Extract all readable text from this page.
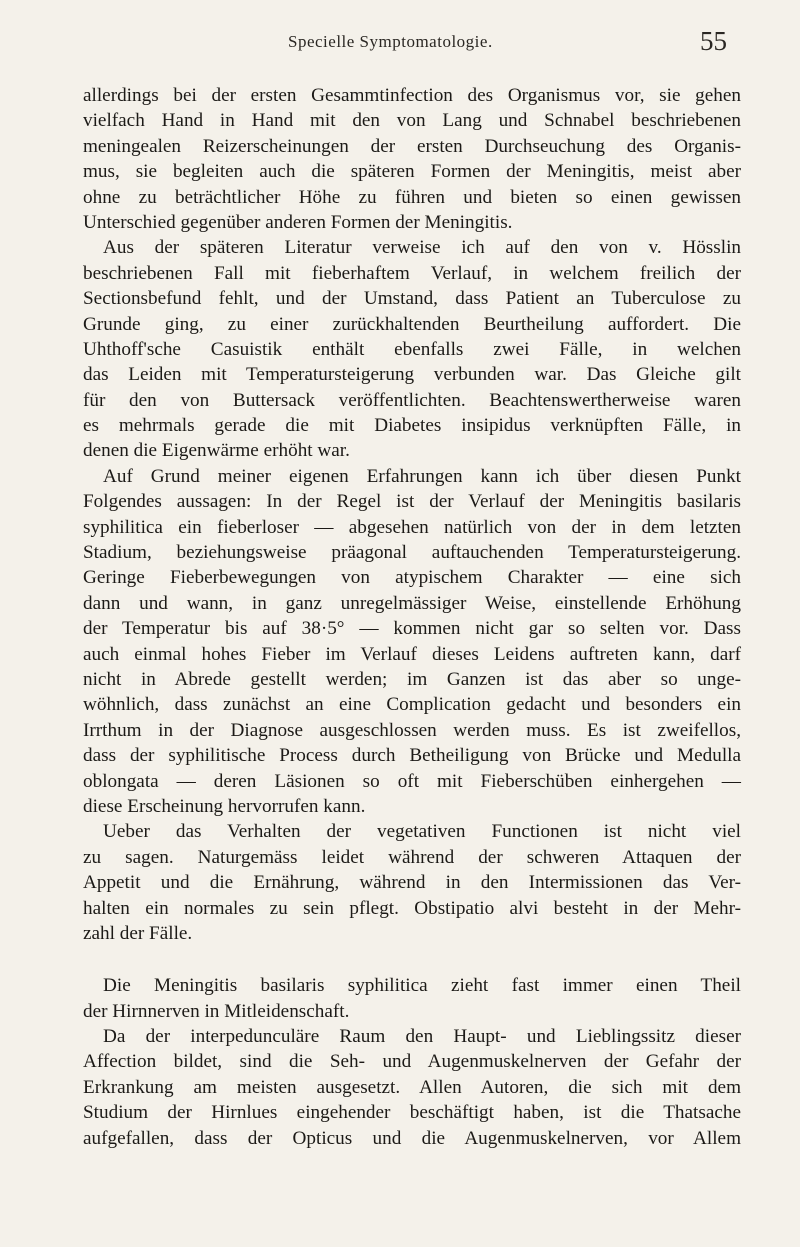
Specielle Symptomatologie.	55
allerdings bei der ersten Gesammtinfection des Organismus vor, sie gehen
vielfach Hand in Hand mit den von Lang und Schnabel beschriebenen
meningealen Reizerscheinungen der ersten Durchseuchung des Organis-
mus, sie begleiten auch die späteren Formen der Meningitis, meist aber
ohne zu beträchtlicher Höhe zu führen und bieten so einen gewissen
Unterschied gegenüber anderen Formen der Meningitis.
Aus der späteren Literatur verweise ich auf den von v. Hösslin
beschriebenen Fall mit fieberhaftem Verlauf, in welchem freilich der
Sectionsbefund fehlt, und der Umstand, dass Patient an Tuberculose zu
Grunde ging, zu einer zurückhaltenden Beurtheilung auffordert. Die
Uhthoff'sche Casuistik enthält ebenfalls zwei Fälle, in welchen
das Leiden mit Temperatursteigerung verbunden war. Das Gleiche gilt
für den von Buttersack veröffentlichten. Beachtenswertherweise waren
es mehrmals gerade die mit Diabetes insipidus verknüpften Fälle, in
denen die Eigenwärme erhöht war.
Auf Grund meiner eigenen Erfahrungen kann ich über diesen Punkt
Folgendes aussagen: In der Regel ist der Verlauf der Meningitis basilaris
syphilitica ein fieberloser — abgesehen natürlich von der in dem letzten
Stadium, beziehungsweise präagonal auftauchenden Temperatursteigerung.
Geringe Fieberbewegungen von atypischem Charakter — eine sich
dann und wann, in ganz unregelmässiger Weise, einstellende Erhöhung
der Temperatur bis auf 38·5° — kommen nicht gar so selten vor. Dass
auch einmal hohes Fieber im Verlauf dieses Leidens auftreten kann, darf
nicht in Abrede gestellt werden; im Ganzen ist das aber so unge-
wöhnlich, dass zunächst an eine Complication gedacht und besonders ein
Irrthum in der Diagnose ausgeschlossen werden muss. Es ist zweifellos,
dass der syphilitische Process durch Betheiligung von Brücke und Medulla
oblongata — deren Läsionen so oft mit Fieberschüben einhergehen —
diese Erscheinung hervorrufen kann.
Ueber das Verhalten der vegetativen Functionen ist nicht viel
zu sagen. Naturgemäss leidet während der schweren Attaquen der
Appetit und die Ernährung, während in den Intermissionen das Ver-
halten ein normales zu sein pflegt. Obstipatio alvi besteht in der Mehr-
zahl der Fälle.
Die Meningitis basilaris syphilitica zieht fast immer einen Theil
der Hirnnerven in Mitleidenschaft.
Da der interpedunculäre Raum den Haupt- und Lieblingssitz dieser
Affection bildet, sind die Seh- und Augenmuskelnerven der Gefahr der
Erkrankung am meisten ausgesetzt. Allen Autoren, die sich mit dem
Studium der Hirnlues eingehender beschäftigt haben, ist die Thatsache
aufgefallen, dass der Opticus und die Augenmuskelnerven, vor Allem
